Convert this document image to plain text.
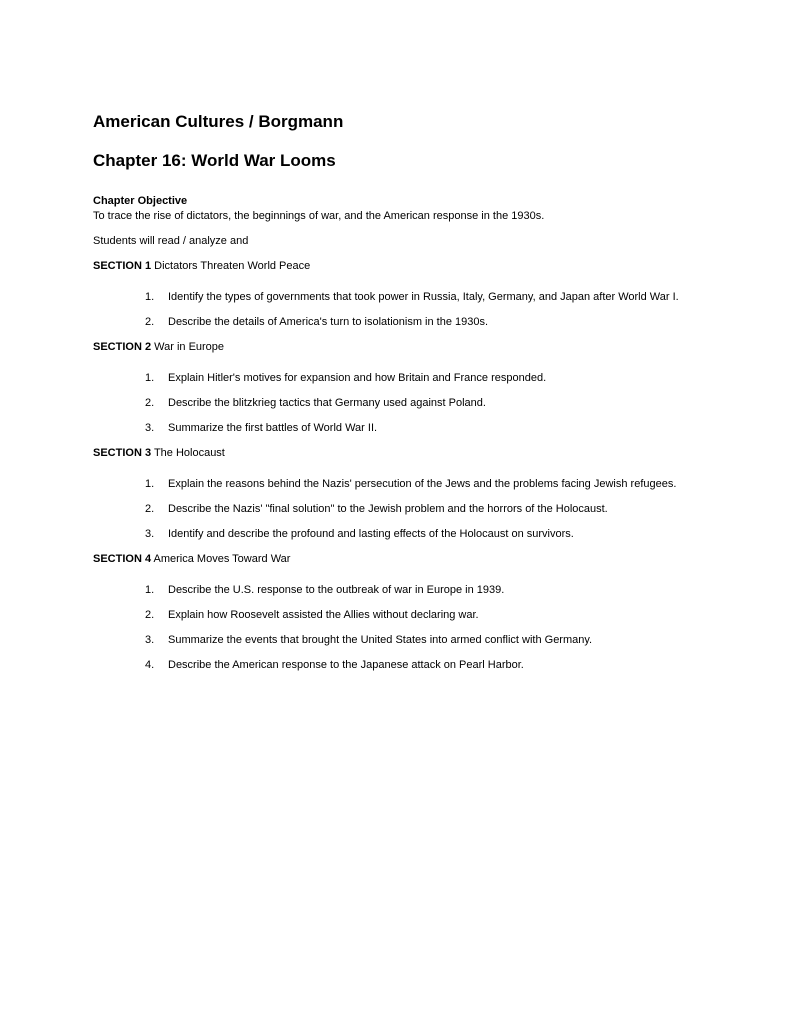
American Cultures / Borgmann
Chapter 16: World War Looms

Chapter Objective

To trace the rise of dictators, the beginnings of war, and the American response in the 1930s.

Students will read / analyze and

SECTION 1 Dictators Threaten World Peace

1. Identify the types of governments that took power in Russia, Italy, Germany, and Japan after World War I.
2. Describe the details of America's turn to isolationism in the 1930s.

SECTION 2 War in Europe

1. Explain Hitler's motives for expansion and how Britain and France responded.
2. Describe the blitzkrieg tactics that Germany used against Poland.
3. Summarize the first battles of World War II.

SECTION 3 The Holocaust

1. Explain the reasons behind the Nazis' persecution of the Jews and the problems facing Jewish refugees.
2. Describe the Nazis' "final solution" to the Jewish problem and the horrors of the Holocaust.
3. Identify and describe the profound and lasting effects of the Holocaust on survivors.

SECTION 4 America Moves Toward War

1. Describe the U.S. response to the outbreak of war in Europe in 1939.
2. Explain how Roosevelt assisted the Allies without declaring war.
3. Summarize the events that brought the United States into armed conflict with Germany.
4. Describe the American response to the Japanese attack on Pearl Harbor.
